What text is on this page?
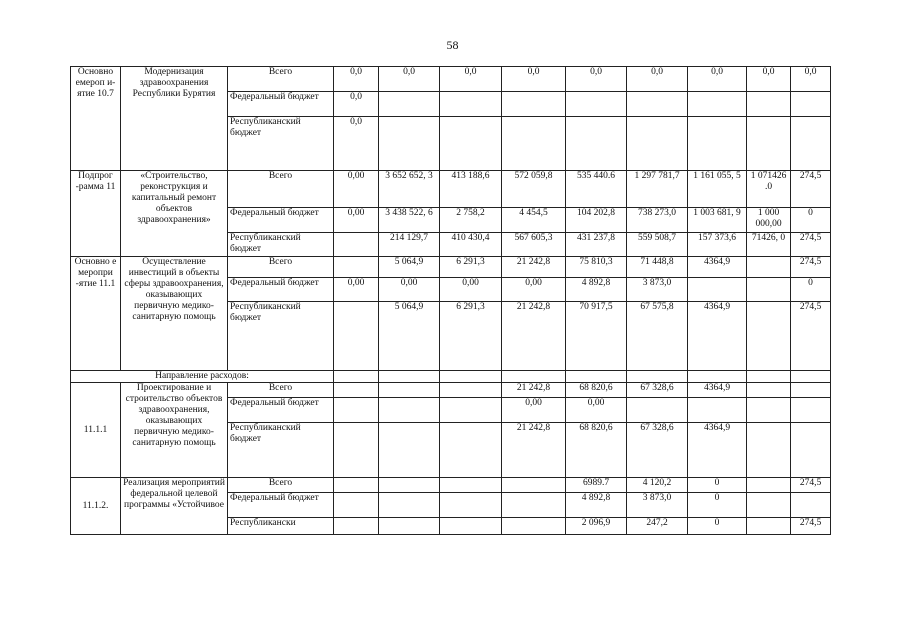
58
Основно емероп и-ятие 10.7	Модернизация здравоохранения Республики Бурятия	Всего	0,0	0,0	0,0	0,0	0,0	0,0	0,0	0,0	0,0
		Федеральный бюджет	0,0								
		Республиканский бюджет	0,0								
Подпрог -рамма 11	«Строительство, реконструкция и капитальный ремонт объектов здравоохранения»	Всего	0,00	3 652 652, 3	413 188,6	572 059,8	535 440.6	1 297 781,7	1 161 055, 5	1 071426 .0	274,5
		Федеральный бюджет	0,00	3 438 522, 6	2 758,2	4 454,5	104 202,8	738 273,0	1 003 681, 9	1 000 000,00	0
		Республиканский бюджет		214 129,7	410 430,4	567 605,3	431 237,8	559 508,7	157 373,6	71426, 0	274,5
Основно е меропри -ятие 11.1	Осуществление инвестиций в объекты сферы здравоохранения, оказывающих первичную медико-санитарную помощь	Всего		5 064,9	6 291,3	21 242,8	75 810,3	71 448,8	4364,9		274,5
		Федеральный бюджет	0,00	0,00	0,00	0,00	4 892,8	3 873,0			0
		Республиканский бюджет		5 064,9	6 291,3	21 242,8	70 917,5	67 575,8	4364,9		274,5
Направление расходов:											
11.1.1	Проектирование и строительство объектов здравоохранения, оказывающих первичную медико-санитарную помощь	Всего				21 242,8	68 820,6	67 328,6	4364,9		
		Федеральный бюджет				0,00	0,00				
		Республиканский бюджет				21 242,8	68 820,6	67 328,6	4364,9		
11.1.2.	Реализация мероприятий федеральной целевой программы «Устойчивое	Всего					6989.7	4 120,2	0		274,5
		Федеральный бюджет					4 892,8	3 873,0	0		
		Республикански					2 096,9	247,2	0		274,5
